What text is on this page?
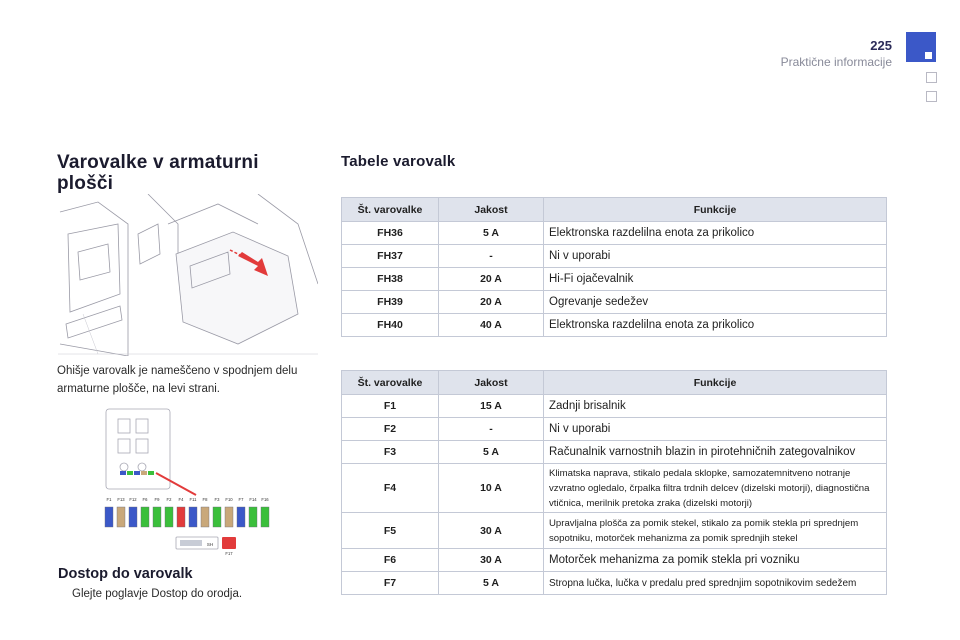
225
Praktične informacije
Varovalke v armaturni plošči
Ohišje varovalk je nameščeno v spodnjem delu armaturne plošče, na levi strani.
F1 F13 F12 F6 F9 F2 F4 F11 F8 F3 F10 F7 F14 F16
SH
F17
Dostop do varovalk
Glejte poglavje Dostop do orodja.
Tabele varovalk
Št. varovalke	Jakost	Funkcije
FH36	5 A	Elektronska razdelilna enota za prikolico
FH37	-	Ni v uporabi
FH38	20 A	Hi-Fi ojačevalnik
FH39	20 A	Ogrevanje sedežev
FH40	40 A	Elektronska razdelilna enota za prikolico
Št. varovalke	Jakost	Funkcije
F1	15 A	Zadnji brisalnik
F2	-	Ni v uporabi
F3	5 A	Računalnik varnostnih blazin in pirotehničnih zategovalnikov
F4	10 A	Klimatska naprava, stikalo pedala sklopke, samozatemnitveno notranje vzvratno ogledalo, črpalka filtra trdnih delcev (dizelski motorji), diagnostična vtičnica, merilnik pretoka zraka (dizelski motorji)
F5	30 A	Upravljalna plošča za pomik stekel, stikalo za pomik stekla pri sprednjem sopotniku, motorček mehanizma za pomik sprednjih stekel
F6	30 A	Motorček mehanizma za pomik stekla pri vozniku
F7	5 A	Stropna lučka, lučka v predalu pred sprednjim sopotnikovim sedežem
